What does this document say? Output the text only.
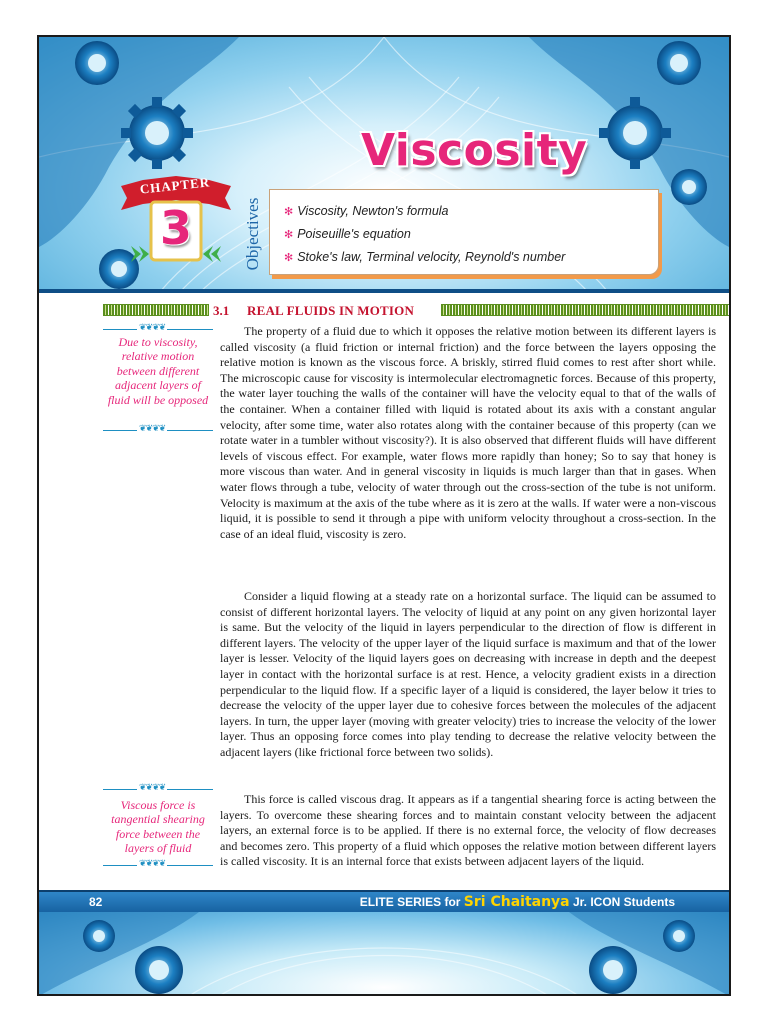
CHAPTER
3
Viscosity
Objectives ✻ Viscosity, Newton's formula
✻ Poiseuille's equation
✻ Stoke's law, Terminal velocity, Reynold's number
3.1 REAL FLUIDS IN MOTION
❦❦❦❦
Due to viscosity, relative motion between different adjacent layers of fluid will be opposed
❦❦❦❦
❦❦❦❦
Viscous force is tangential shearing force between the layers of fluid
❦❦❦❦

The property of a fluid due to which it opposes the relative motion between its different layers is called viscosity (a fluid friction or internal friction) and the force between the layers opposing the relative motion is known as the viscous force. A briskly, stirred fluid comes to rest after short while. The microscopic cause for viscosity is intermolecular electromagnetic forces. Because of this property, the water layer touching the walls of the container will have the velocity equal to that of the walls of the container. When a container filled with liquid is rotated about its axis with a constant angular velocity, after some time, water also rotates along with the container because of this property (can we rotate water in a tumbler without viscosity?). It is also observed that different fluids will have different levels of viscous effect. For example, water flows more rapidly than honey; So to say that honey is more viscous than water. And in general viscosity in liquids is much larger than that in gases. When water flows through a tube, velocity of water through out the cross-section of the tube is not uniform. Velocity is maximum at the axis of the tube where as it is zero at the walls. If water were a non-viscous liquid, it is possible to send it through a pipe with uniform velocity throughout a cross-section. In the case of an ideal fluid, viscosity is zero.

Consider a liquid flowing at a steady rate on a horizontal surface. The liquid can be assumed to consist of different horizontal layers. The velocity of liquid at any point on any given horizontal layer is same. But the velocity of the liquid in layers perpendicular to the direction of flow is different in different layers. The velocity of the upper layer of the liquid surface is maximum and that of the lower layer is lesser. Velocity of the liquid layers goes on decreasing with increase in depth and the deepest layer in contact with the horizontal surface is at rest. Hence, a velocity gradient exists in a direction perpendicular to the liquid flow. If a specific layer of a liquid is considered, the layer below it tries to decrease the velocity of the upper layer due to cohesive forces between the molecules of the adjacent layers. In turn, the upper layer (moving with greater velocity) tries to increase the velocity of the lower layer. Thus an opposing force comes into play tending to decrease the relative velocity between the adjacent layers (like frictional force between two solids).

This force is called viscous drag. It appears as if a tangential shearing force is acting between the layers. To overcome these shearing forces and to maintain constant velocity between the adjacent layers, an external force is to be applied. If there is no external force, the velocity of flow decreases and becomes zero. This property of a fluid which opposes the relative motion between different layers is called viscosity. It is an internal force that exists between adjacent layers of the liquid.

82	ELITE SERIES for Sri Chaitanya Jr. ICON Students
